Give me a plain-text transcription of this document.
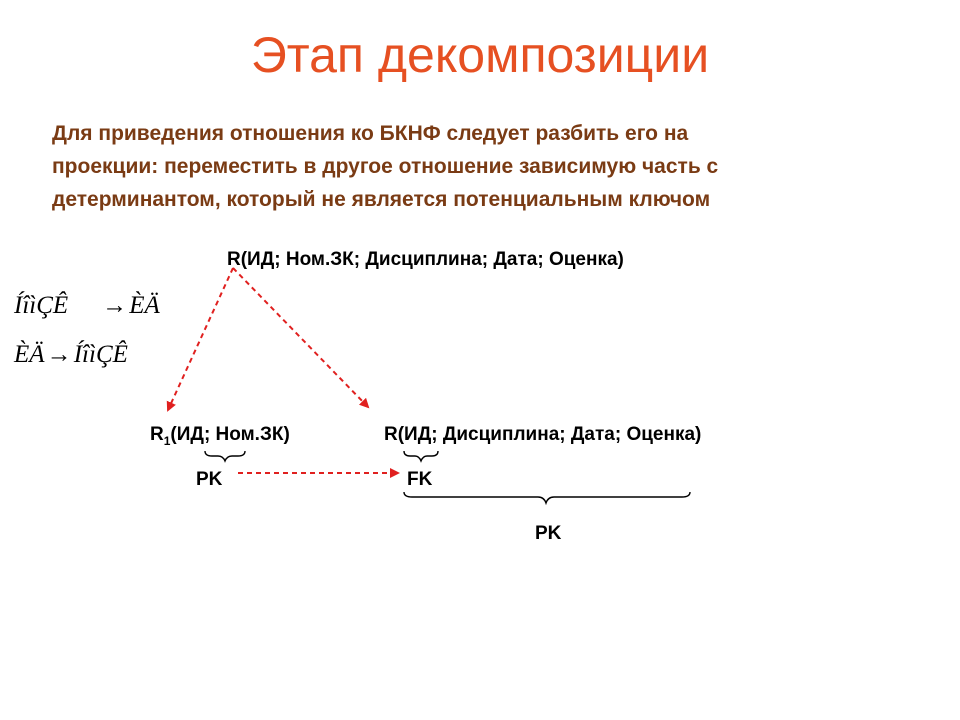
Этап декомпозиции
Для приведения отношения ко БКНФ следует разбить его на
проекции: переместить в другое отношение зависимую часть с
детерминантом, который не является потенциальным ключом
R(ИД; Ном.ЗК; Дисциплина; Дата; Оценка)
ÍîìÇÊ → ÈÄ
ÈÄ → ÍîìÇÊ
$R_1(ИД$; Ном.ЗК)	R(ИД; Дисциплина; Дата; Оценка)
PK	FK
PK
